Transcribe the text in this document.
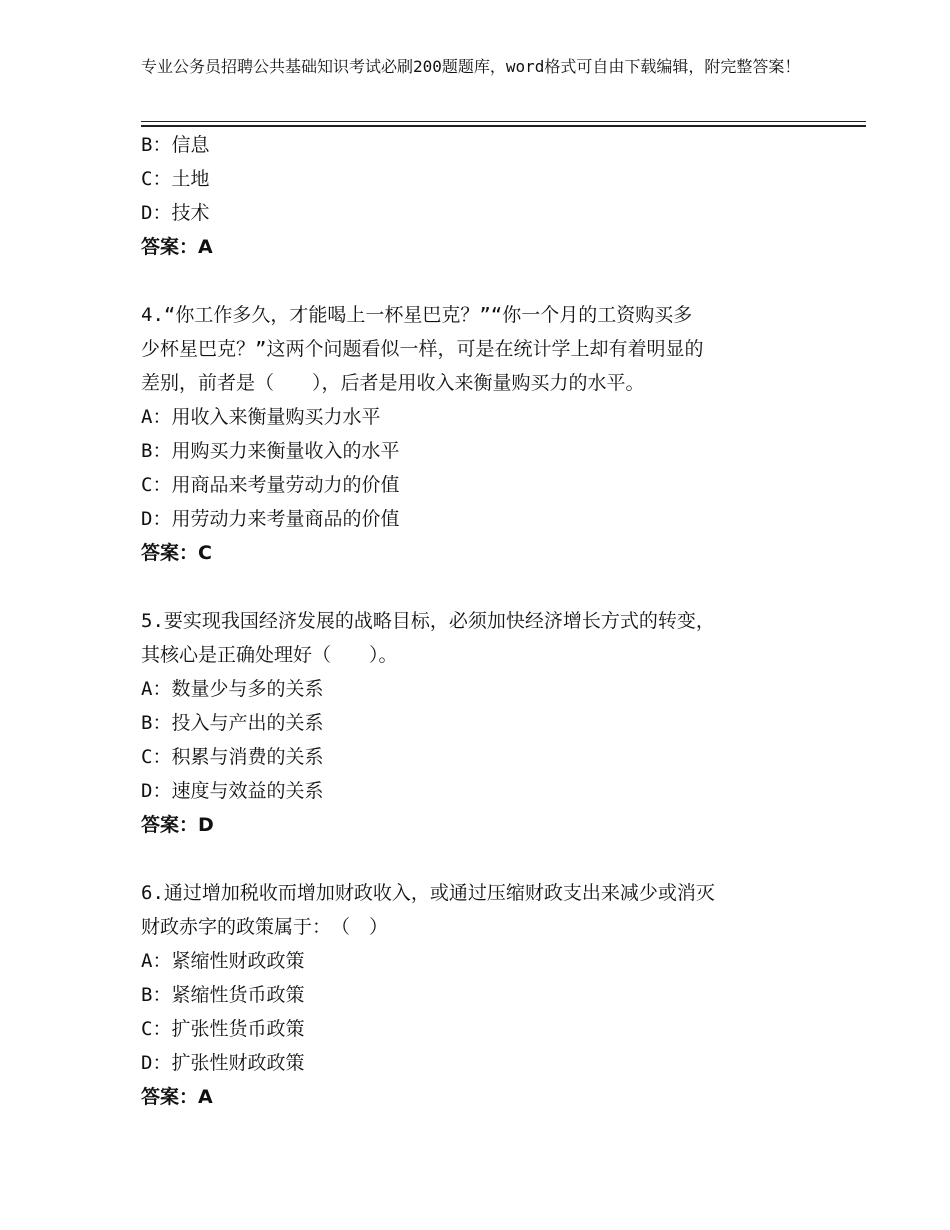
专业公务员招聘公共基础知识考试必刷200题题库，word格式可自由下载编辑，附完整答案！
B：信息
C：土地
D：技术
答案：A
4.“你工作多久，才能喝上一杯星巴克？”“你一个月的工资购买多
少杯星巴克？”这两个问题看似一样，可是在统计学上却有着明显的
差别，前者是（　　），后者是用收入来衡量购买力的水平。
A：用收入来衡量购买力水平
B：用购买力来衡量收入的水平
C：用商品来考量劳动力的价值
D：用劳动力来考量商品的价值
答案：C
5.要实现我国经济发展的战略目标，必须加快经济增长方式的转变，
其核心是正确处理好（　　）。
A：数量少与多的关系
B：投入与产出的关系
C：积累与消费的关系
D：速度与效益的关系
答案：D
6.通过增加税收而增加财政收入，或通过压缩财政支出来减少或消灭
财政赤字的政策属于：　（　）
A：紧缩性财政政策
B：紧缩性货币政策
C：扩张性货币政策
D：扩张性财政政策
答案：A
